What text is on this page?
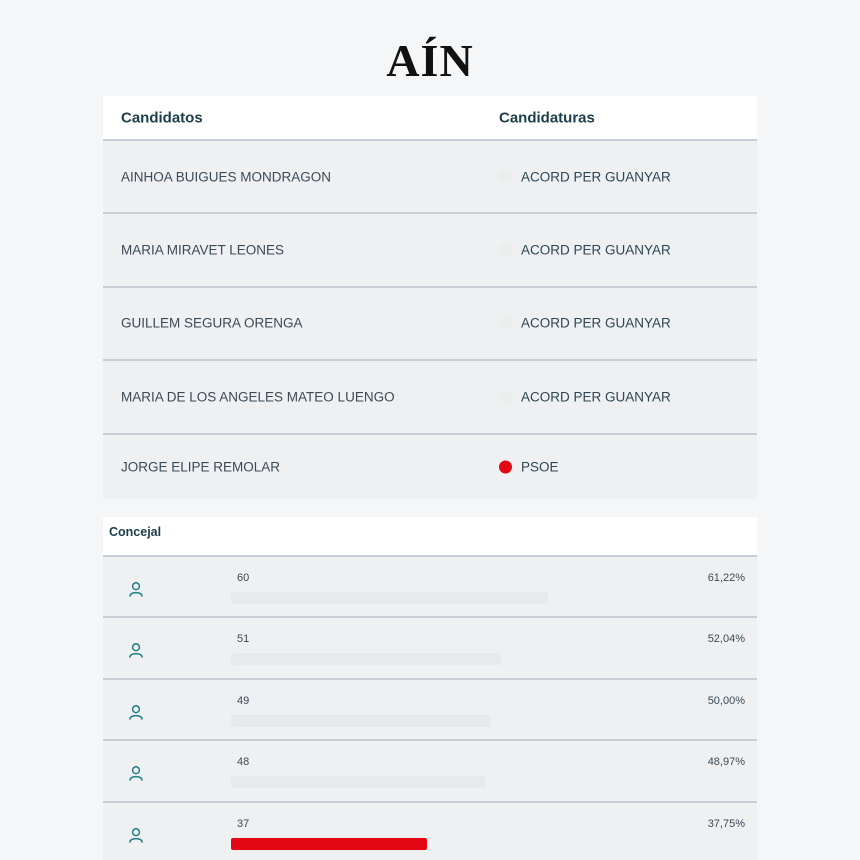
AÍN
Candidatos	Candidaturas
AINHOA BUIGUES MONDRAGON	ACORD PER GUANYAR
MARIA MIRAVET LEONES	ACORD PER GUANYAR
GUILLEM SEGURA ORENGA	ACORD PER GUANYAR
MARIA DE LOS ANGELES MATEO LUENGO	ACORD PER GUANYAR
JORGE ELIPE REMOLAR	PSOE
Concejal
60	61,22%
51	52,04%
49	50,00%
48	48,97%
37	37,75%
